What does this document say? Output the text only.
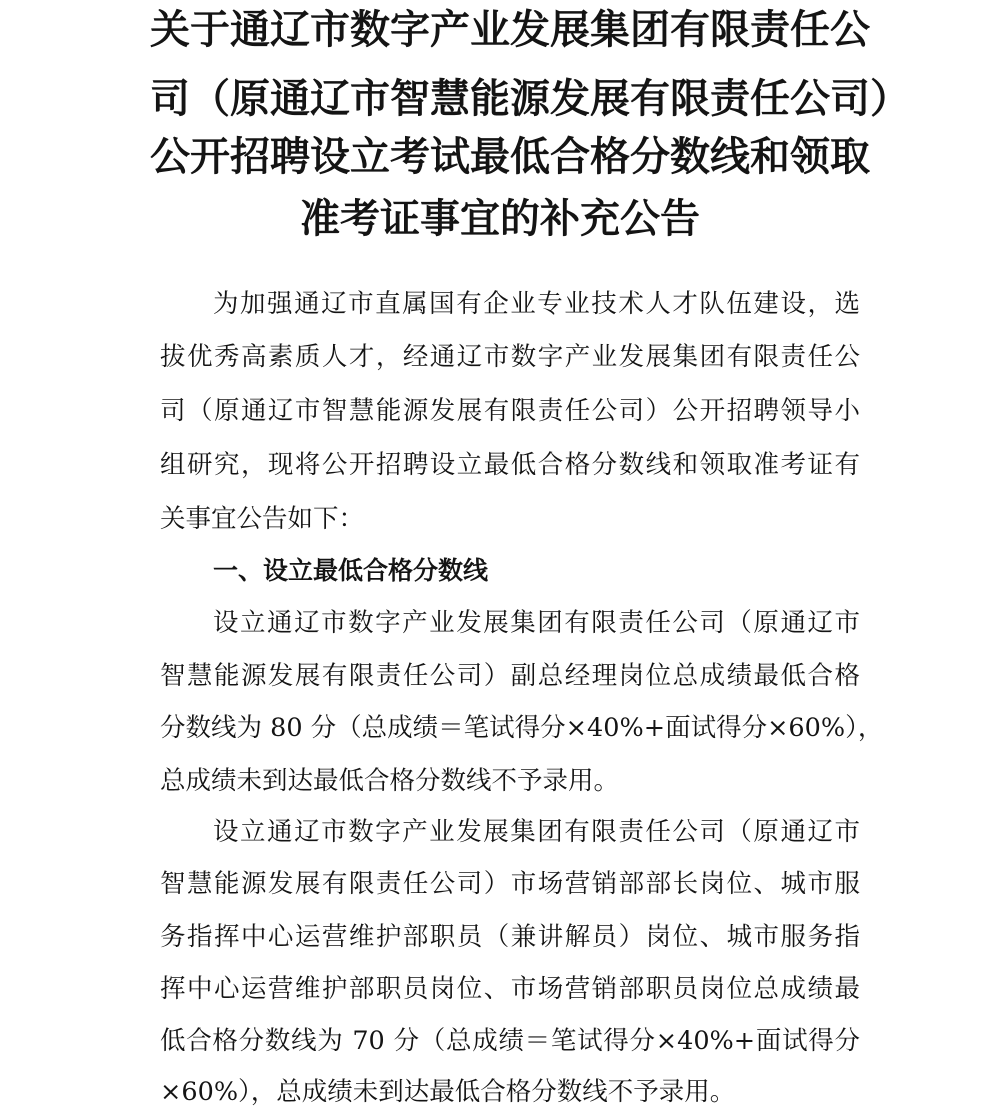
关于通辽市数字产业发展集团有限责任公
司（原通辽市智慧能源发展有限责任公司）
公开招聘设立考试最低合格分数线和领取
准考证事宜的补充公告
为加强通辽市直属国有企业专业技术人才队伍建设，选
拔优秀高素质人才，经通辽市数字产业发展集团有限责任公
司（原通辽市智慧能源发展有限责任公司）公开招聘领导小
组研究，现将公开招聘设立最低合格分数线和领取准考证有
关事宜公告如下：
一、设立最低合格分数线
设立通辽市数字产业发展集团有限责任公司（原通辽市
智慧能源发展有限责任公司）副总经理岗位总成绩最低合格
分数线为 80 分（总成绩＝笔试得分×40%+面试得分×60%），
总成绩未到达最低合格分数线不予录用。
设立通辽市数字产业发展集团有限责任公司（原通辽市
智慧能源发展有限责任公司）市场营销部部长岗位、城市服
务指挥中心运营维护部职员（兼讲解员）岗位、城市服务指
挥中心运营维护部职员岗位、市场营销部职员岗位总成绩最
低合格分数线为 70 分（总成绩＝笔试得分×40%+面试得分
×60%），总成绩未到达最低合格分数线不予录用。
